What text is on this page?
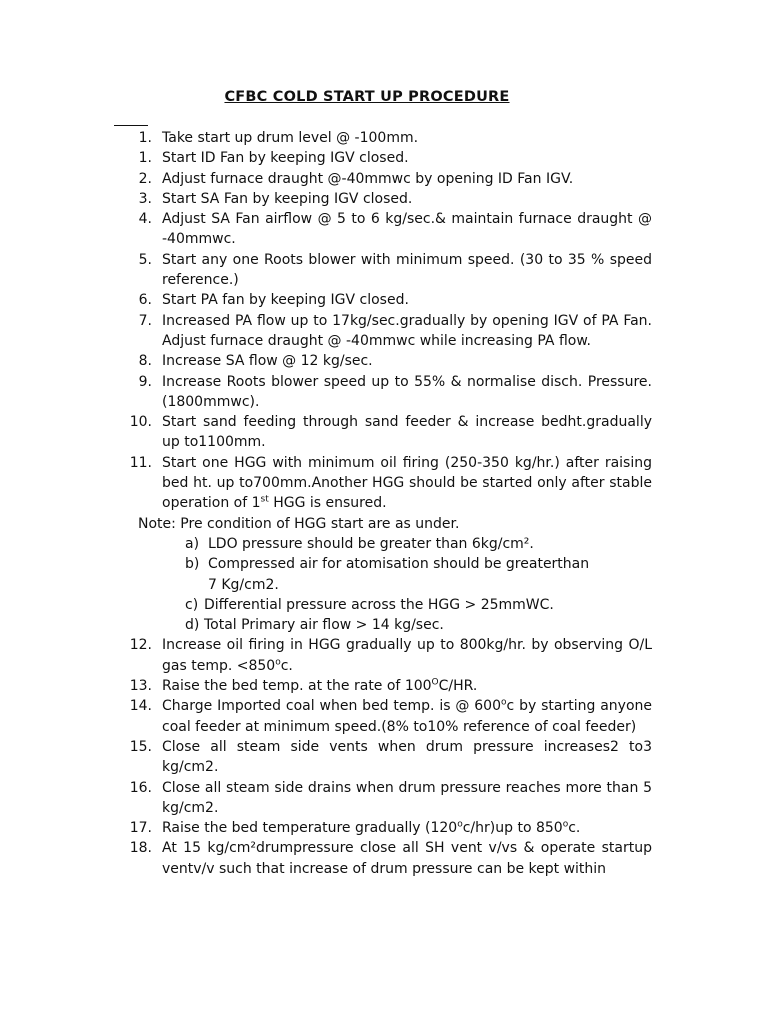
CFBC COLD START UP PROCEDURE
1. Take start up drum level @ -100mm.
1. Start ID Fan by keeping IGV closed.
2. Adjust furnace draught @-40mmwc by opening ID Fan IGV.
3. Start SA Fan by keeping IGV closed.
4. Adjust SA Fan airflow @ 5 to 6 kg/sec.& maintain furnace draught @ -40mmwc.
5. Start any one Roots blower with minimum speed. (30 to 35 % speed reference.)
6. Start PA fan by keeping IGV closed.
7. Increased PA flow up to 17kg/sec.gradually by opening IGV of PA Fan. Adjust furnace draught @ -40mmwc while increasing PA flow.
8. Increase SA flow @ 12 kg/sec.
9. Increase Roots blower speed up to 55% & normalise disch. Pressure. (1800mmwc).
10. Start sand feeding through sand feeder & increase bedht.gradually up to1100mm.
11. Start one HGG with minimum oil firing (250-350 kg/hr.) after raising bed ht. up to700mm.Another HGG should be started only after stable operation of 1st HGG is ensured.
Note: Pre condition of HGG start are as under.
a) LDO pressure should be greater than 6kg/cm².
b) Compressed air for atomisation should be greaterthan
7 Kg/cm2.
c) Differential pressure across the HGG > 25mmWC.
d) Total Primary air flow > 14 kg/sec.
12. Increase oil firing in HGG gradually up to 800kg/hr. by observing O/L gas temp. $<850^oc$.
13. Raise the bed temp. at the rate of $100^OC/HR$.
14. Charge Imported coal when bed temp. is @ 600$^o$c by starting anyone coal feeder at minimum speed.(8% to10% reference of coal feeder)
15. Close all steam side vents when drum pressure increases2 to3 kg/cm2.
16. Close all steam side drains when drum pressure reaches more than 5 kg/cm2.
17. Raise the bed temperature gradually (120$^o$c/hr)up to 850$^o$c.
18. At 15 kg/cm²drumpressure close all SH vent v/vs & operate startup ventv/v such that increase of drum pressure can be kept within
